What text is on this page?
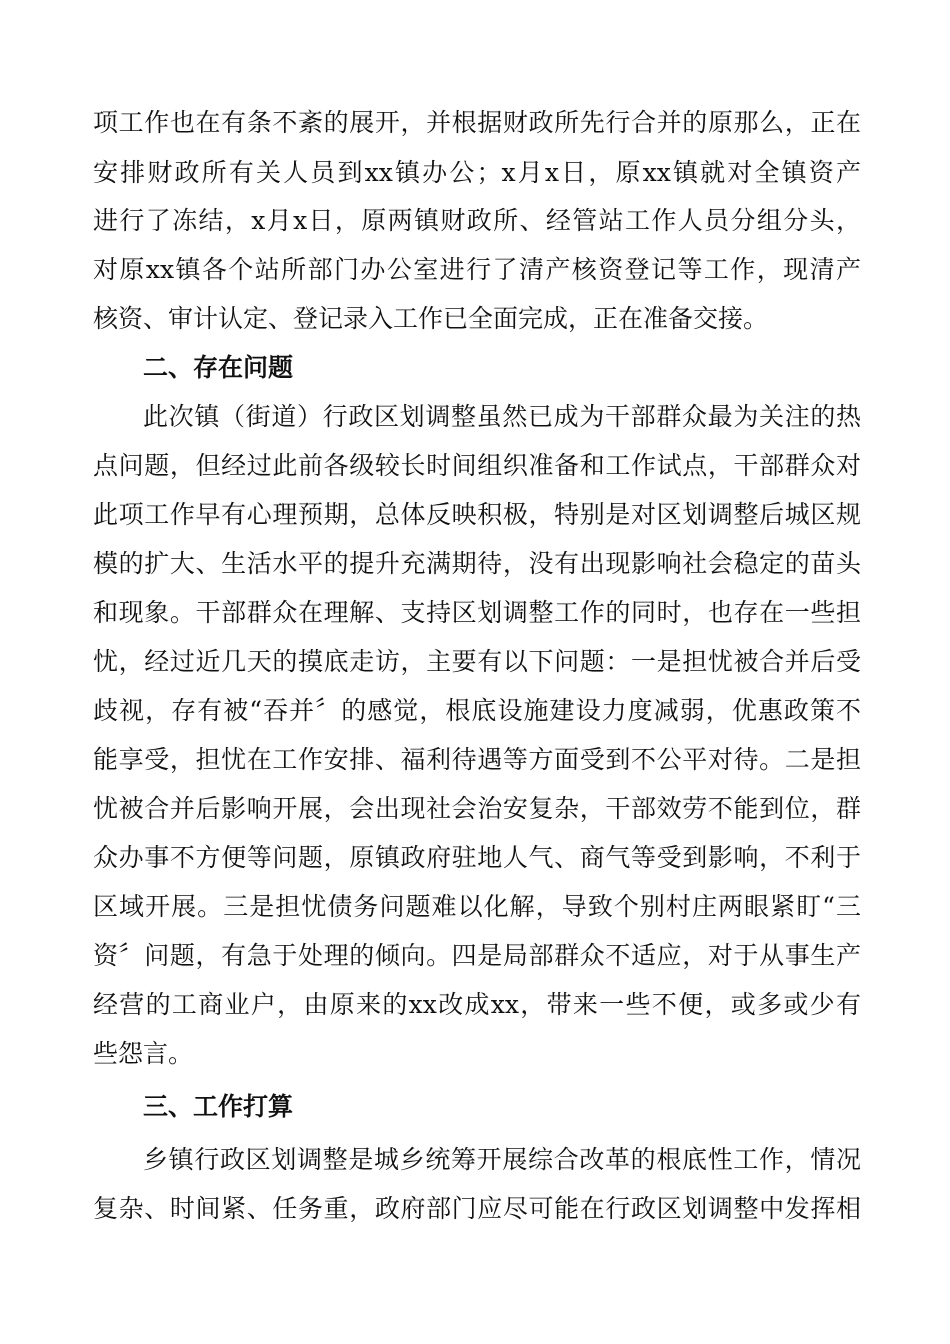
项工作也在有条不紊的展开，并根据财政所先行合并的原那么，正在
安排财政所有关人员到xx镇办公；x月x日，原xx镇就对全镇资产
进行了冻结，x月x日，原两镇财政所、经管站工作人员分组分头，
对原xx镇各个站所部门办公室进行了清产核资登记等工作，现清产
核资、审计认定、登记录入工作已全面完成，正在准备交接。
二、存在问题
此次镇（街道）行政区划调整虽然已成为干部群众最为关注的热
点问题，但经过此前各级较长时间组织准备和工作试点，干部群众对
此项工作早有心理预期，总体反映积极，特别是对区划调整后城区规
模的扩大、生活水平的提升充满期待，没有出现影响社会稳定的苗头
和现象。干部群众在理解、支持区划调整工作的同时，也存在一些担
忧，经过近几天的摸底走访，主要有以下问题：一是担忧被合并后受
歧视，存有被“吞并〞的感觉，根底设施建设力度减弱，优惠政策不
能享受，担忧在工作安排、福利待遇等方面受到不公平对待。二是担
忧被合并后影响开展，会出现社会治安复杂，干部效劳不能到位，群
众办事不方便等问题，原镇政府驻地人气、商气等受到影响，不利于
区域开展。三是担忧债务问题难以化解，导致个别村庄两眼紧盯“三
资〞问题，有急于处理的倾向。四是局部群众不适应，对于从事生产
经营的工商业户，由原来的xx改成xx，带来一些不便，或多或少有
些怨言。
三、工作打算
乡镇行政区划调整是城乡统筹开展综合改革的根底性工作，情况
复杂、时间紧、任务重，政府部门应尽可能在行政区划调整中发挥相
